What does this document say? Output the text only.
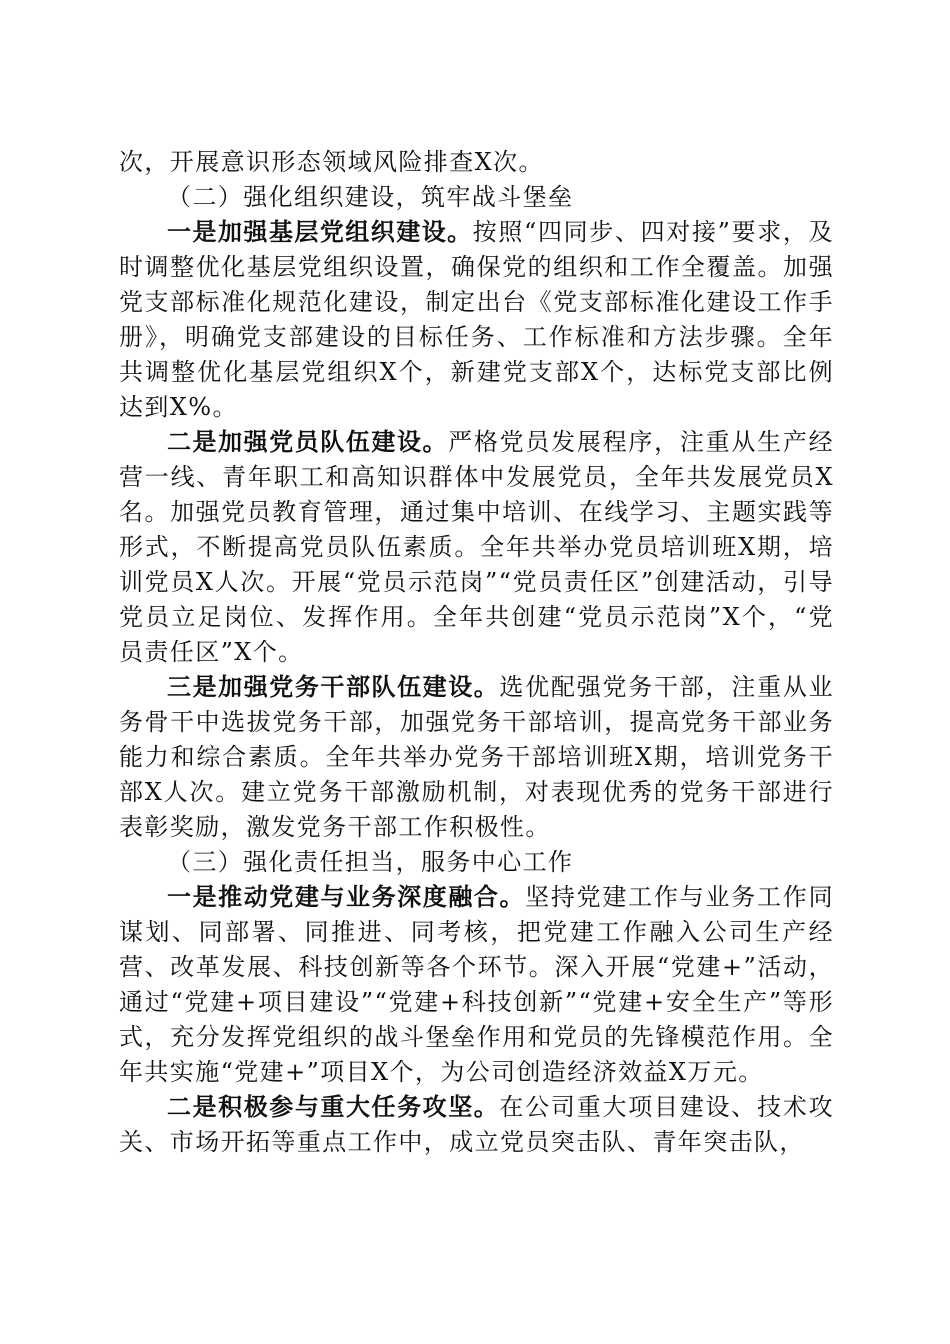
次，开展意识形态领域风险排查X次。

（二）强化组织建设，筑牢战斗堡垒

一是加强基层党组织建设。按照“四同步、四对接”要求，及时调整优化基层党组织设置，确保党的组织和工作全覆盖。加强党支部标准化规范化建设，制定出台《党支部标准化建设工作手册》，明确党支部建设的目标任务、工作标准和方法步骤。全年共调整优化基层党组织X个，新建党支部X个，达标党支部比例达到X%。

二是加强党员队伍建设。严格党员发展程序，注重从生产经营一线、青年职工和高知识群体中发展党员，全年共发展党员X名。加强党员教育管理，通过集中培训、在线学习、主题实践等形式，不断提高党员队伍素质。全年共举办党员培训班X期，培训党员X人次。开展“党员示范岗”“党员责任区”创建活动，引导党员立足岗位、发挥作用。全年共创建“党员示范岗”X个，“党员责任区”X个。

三是加强党务干部队伍建设。选优配强党务干部，注重从业务骨干中选拔党务干部，加强党务干部培训，提高党务干部业务能力和综合素质。全年共举办党务干部培训班X期，培训党务干部X人次。建立党务干部激励机制，对表现优秀的党务干部进行表彰奖励，激发党务干部工作积极性。

（三）强化责任担当，服务中心工作

一是推动党建与业务深度融合。坚持党建工作与业务工作同谋划、同部署、同推进、同考核，把党建工作融入公司生产经营、改革发展、科技创新等各个环节。深入开展“党建+”活动，通过“党建+项目建设”“党建+科技创新”“党建+安全生产”等形式，充分发挥党组织的战斗堡垒作用和党员的先锋模范作用。全年共实施“党建+”项目X个，为公司创造经济效益X万元。

二是积极参与重大任务攻坚。在公司重大项目建设、技术攻关、市场开拓等重点工作中，成立党员突击队、青年突击队，
